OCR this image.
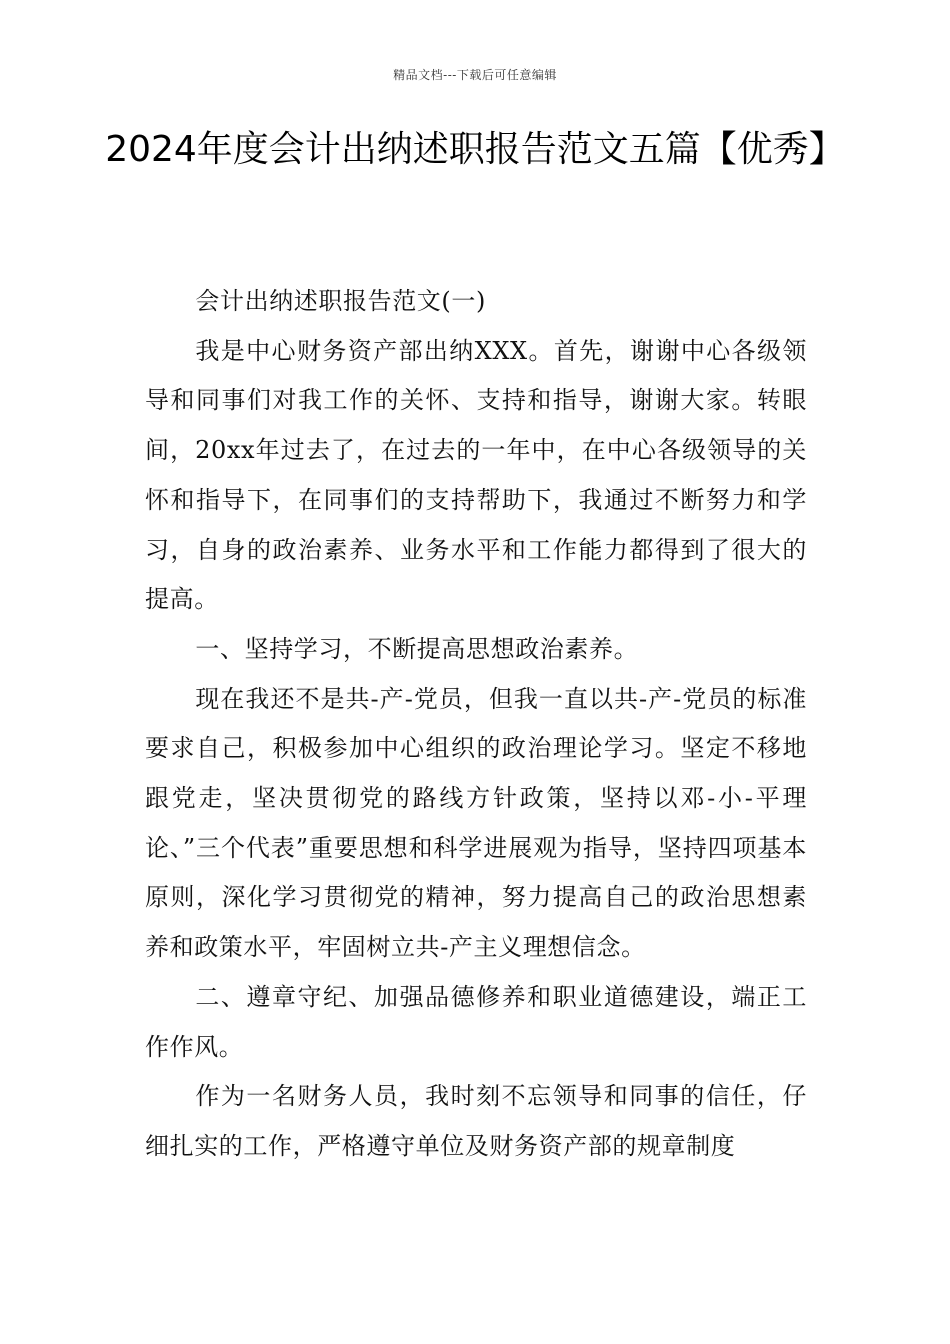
精品文档---下载后可任意编辑
2024年度会计出纳述职报告范文五篇【优秀】

会计出纳述职报告范文(一)

我是中心财务资产部出纳XXX。首先，谢谢中心各级领导和同事们对我工作的关怀、支持和指导，谢谢大家。转眼间，20xx年过去了，在过去的一年中，在中心各级领导的关怀和指导下，在同事们的支持帮助下，我通过不断努力和学习，自身的政治素养、业务水平和工作能力都得到了很大的提高。

一、坚持学习，不断提高思想政治素养。

现在我还不是共-产-党员，但我一直以共-产-党员的标准要求自己，积极参加中心组织的政治理论学习。坚定不移地跟党走，坚决贯彻党的路线方针政策，坚持以邓-小-平理论、”三个代表”重要思想和科学进展观为指导，坚持四项基本原则，深化学习贯彻党的精神，努力提高自己的政治思想素养和政策水平，牢固树立共-产主义理想信念。

二、遵章守纪、加强品德修养和职业道德建设，端正工作作风。

作为一名财务人员，我时刻不忘领导和同事的信任，仔细扎实的工作，严格遵守单位及财务资产部的规章制度
